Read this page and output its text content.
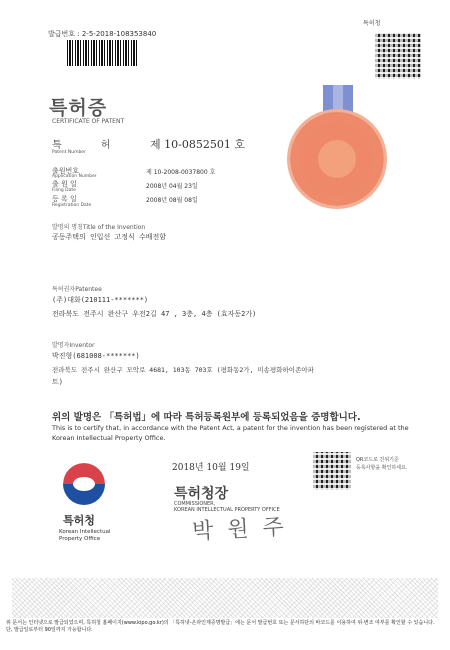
발급번호 : 2-5-2018-108353840
특허청
특허증
CERTIFICATE OF PATENT
특 허
Patent Number
제 10-0852501 호
출원번호
Application Number
제 10-2008-0037800 호
출 원 일
Filing Date
2008년 04월 23일
등 록 일
Registration Date
2008년 08월 08일
발명의 명칭Title of the Invention
공동주택의 인입선 고정식 수배전함
특허권자Patentee
(주)대화(210111-*******)
전라북도 전주시 완산구 우전2길 47 , 3층, 4층 (효자동2가)
발명자Inventor
박진형(681008-*******)
전라북도 전주시 완산구 모악로 4681, 103동 703호 (평화동2가, 미송평화하이존아파
트)
위의 발명은 「특허법」에 따라 특허등록원부에 등록되었음을 증명합니다.
This is to certify that, in accordance with the Patent Act, a patent for the invention has been registered at the Korean Intellectual Property Office.
특허청
Korean Intellectual
Property Office
2018년 10월 19일
특허청장
COMMISSIONER,
KOREAN INTELLECTUAL PROPERTY OFFICE
박원주
QR코드로 진위기준
등록사항을 확인하세요.
위 문서는 인터넷으로 발급되었으며, 특허청 홈페이지(www.kipo.go.kr)의 「특허넷-온라인제증명발급」에는 문서 발급번호 또는 문서하단의 바코드를 이용하여 위·변조 여부를 확인할 수 있습니다. 단, 발급일로부터 90일까지 가능합니다.
